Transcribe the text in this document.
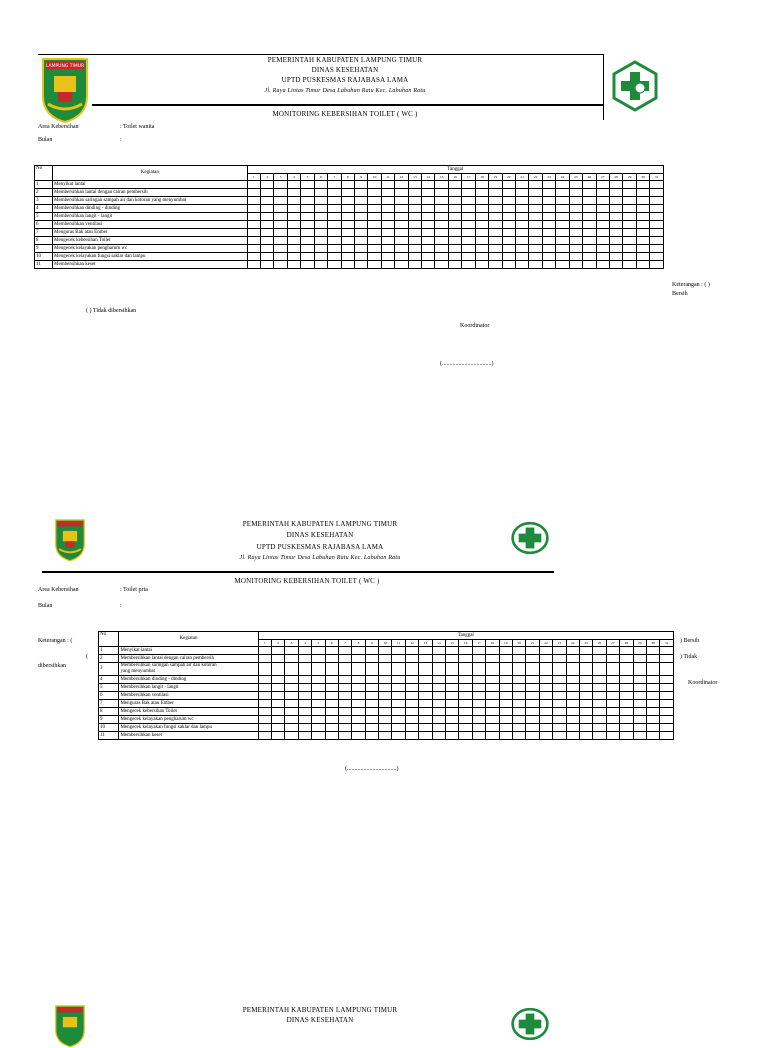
LAMPUNG TIMUR
PEMERINTAH KABUPATEN LAMPUNG TIMUR
DINAS KESEHATAN
UPTD PUSKESMAS RAJABASA LAMA
Jl. Raya Lintas Timur Desa Labuhan Ratu Kec. Labuhan Ratu
MONITORING KEBERSIHAN TOILET ( WC )
Area Kebersihan	: Toilet wanita
Bulan	:
No	Kegiatan	Tanggal																														
		1	2	3	4	5	6	7	8	9	10	11	12	13	14	15	16	17	18	19	20	21	22	23	24	25	26	27	28	29	30	31
1	Menyikat lantai																															
2	Membersihkan lantai dengan cairan pembersih																															
3	Membersihkan saringan sampah air dan kotoran yang menyumbat																															
4	Membersihkan dinding - dinding																															
5	Membersihkan langit - langit																															
6	Membersihkan ventilasi																															
7	Menguras Bak atau Ember																															
8	Mengecek kebersihan Toilet																															
9	Mengecek kelayakan pengharum wc																															
10	Mengecek kelayakan fungsi saklar dan lampu																															
11	Membersihkan keset																															
Keterangan : ( )
Bersih
( ) Tidak dibersihkan
Koordinator
(.................................)
PEMERINTAH KABUPATEN LAMPUNG TIMUR
DINAS KESEHATAN
UPTD PUSKESMAS RAJABASA LAMA
Jl. Raya Lintas Timur Desa Labuhan Ratu Kec. Labuhan Ratu
MONITORING KEBERSIHAN TOILET ( WC )
Area Kebersihan	: Toilet pria
Bulan	:
Keterangan : (
(
dibersihkan
No	Kegiatan	Tanggal																														
		1	2	3	4	5	6	7	8	9	10	11	12	13	14	15	16	17	18	19	20	21	22	23	24	25	26	27	28	29	30	31
1	Menyikat lantai																															
2	Membersihkan lantai dengan cairan pembersih																															
3	Membersihkan saringan sampah air dan kotoran
yang menyumbat																															

4	Membersihkan dinding - dinding																															
5	Membersihkan langit - langit																															
6	Membersihkan ventilasi																															
7	Menguras Bak atau Ember																															
8	Mengecek kebersihan Toilet																															
9	Mengecek kelayakan pengharum wc																															
10	Mengecek kelayakan fungsi saklar dan lampu																															
11	Membersihkan keset																															
) Bersih
) Tidak
Koordinator
(.................................)
PEMERINTAH KABUPATEN LAMPUNG TIMUR
DINAS KESEHATAN
